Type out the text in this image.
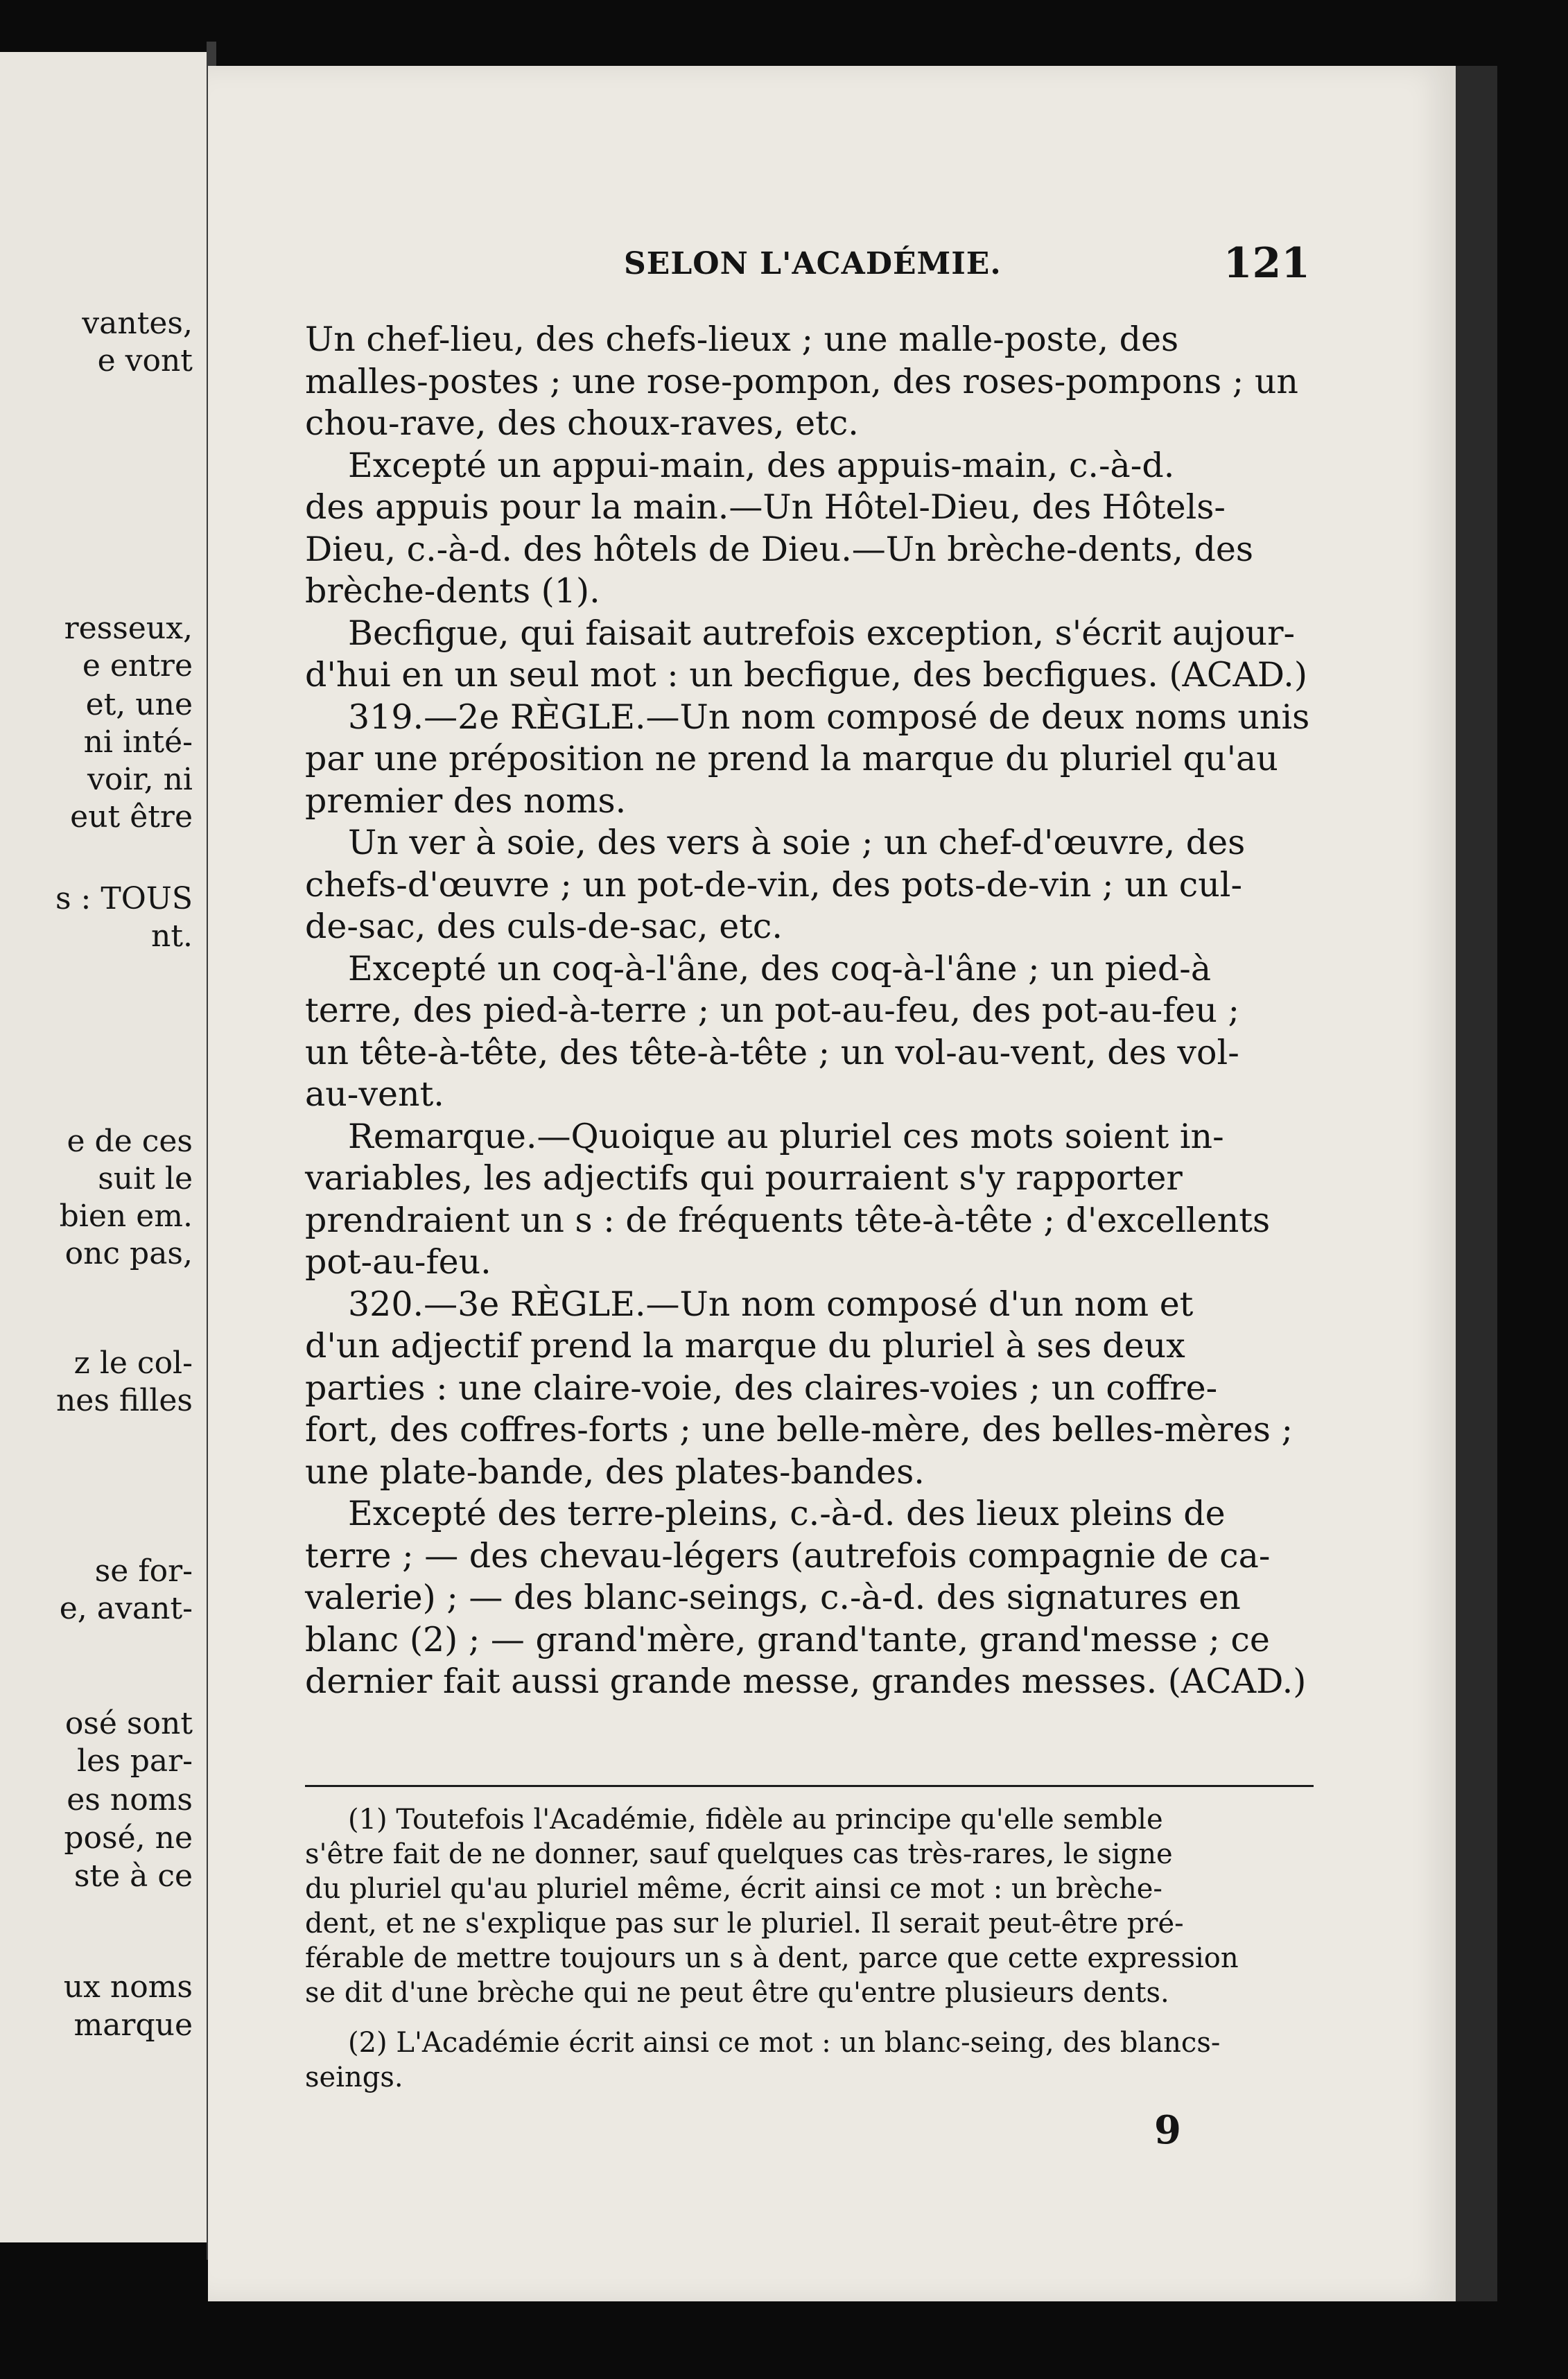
vantes,
e vont
resseux,
e entre
et, une
ni inté-
voir, ni
eut être
s : TOUS
nt.
e de ces
suit le
bien em.
onc pas,
z le col-
nes filles
se for-
e, avant-
osé sont
les par-
es noms
posé, ne
ste à ce
ux noms
marque
SELON L'ACADÉMIE.	121
Un chef-lieu, des chefs-lieux ; une malle-poste, des
malles-postes ; une rose-pompon, des roses-pompons ; un
chou-rave, des choux-raves, etc.
Excepté un appui-main, des appuis-main, c.-à-d.
des appuis pour la main.—Un Hôtel-Dieu, des Hôtels-
Dieu, c.-à-d. des hôtels de Dieu.—Un brèche-dents, des
brèche-dents (1).
Becfigue, qui faisait autrefois exception, s'écrit aujour-
d'hui en un seul mot : un becfigue, des becfigues. (ACAD.)
319.—2e RÈGLE.—Un nom composé de deux noms unis
par une préposition ne prend la marque du pluriel qu'au
premier des noms.
Un ver à soie, des vers à soie ; un chef-d'œuvre, des
chefs-d'œuvre ; un pot-de-vin, des pots-de-vin ; un cul-
de-sac, des culs-de-sac, etc.
Excepté un coq-à-l'âne, des coq-à-l'âne ; un pied-à
terre, des pied-à-terre ; un pot-au-feu, des pot-au-feu ;
un tête-à-tête, des tête-à-tête ; un vol-au-vent, des vol-
au-vent.
Remarque.—Quoique au pluriel ces mots soient in-
variables, les adjectifs qui pourraient s'y rapporter
prendraient un s : de fréquents tête-à-tête ; d'excellents
pot-au-feu.
320.—3e RÈGLE.—Un nom composé d'un nom et
d'un adjectif prend la marque du pluriel à ses deux
parties : une claire-voie, des claires-voies ; un coffre-
fort, des coffres-forts ; une belle-mère, des belles-mères ;
une plate-bande, des plates-bandes.
Excepté des terre-pleins, c.-à-d. des lieux pleins de
terre ; — des chevau-légers (autrefois compagnie de ca-
valerie) ; — des blanc-seings, c.-à-d. des signatures en
blanc (2) ; — grand'mère, grand'tante, grand'messe ; ce
dernier fait aussi grande messe, grandes messes. (ACAD.)
(1) Toutefois l'Académie, fidèle au principe qu'elle semble
s'être fait de ne donner, sauf quelques cas très-rares, le signe
du pluriel qu'au pluriel même, écrit ainsi ce mot : un brèche-
dent, et ne s'explique pas sur le pluriel. Il serait peut-être pré-
férable de mettre toujours un s à dent, parce que cette expression
se dit d'une brèche qui ne peut être qu'entre plusieurs dents.
(2) L'Académie écrit ainsi ce mot : un blanc-seing, des blancs-
seings.
9
